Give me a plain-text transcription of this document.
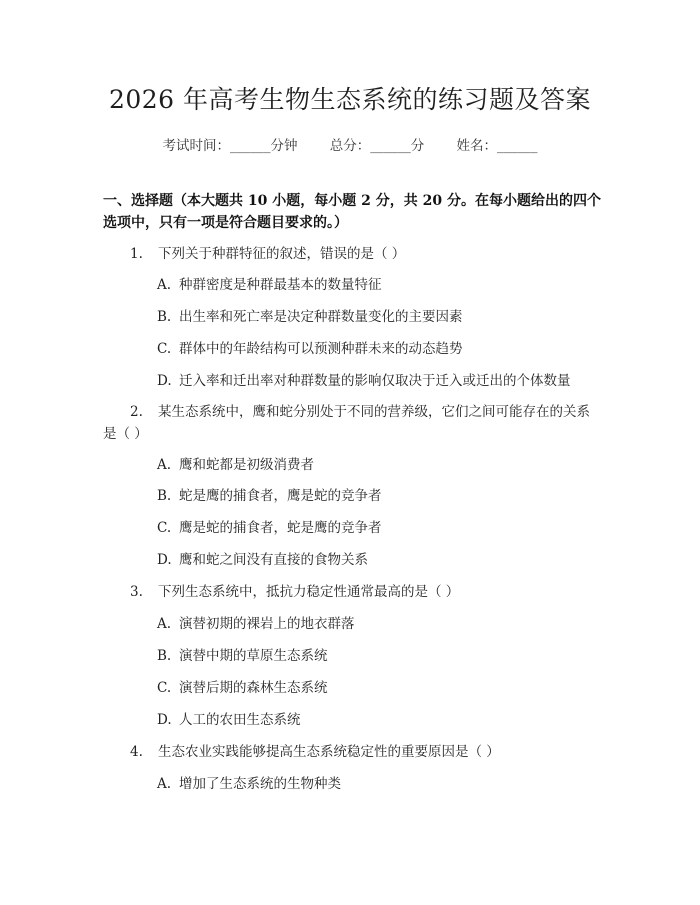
2026 年高考生物生态系统的练习题及答案
考试时间：______分钟 总分：______分 姓名：______
一、选择题（本大题共 10 小题，每小题 2 分，共 20 分。在每小题给出的四个选项中，只有一项是符合题目要求的。）
1. 下列关于种群特征的叙述，错误的是（ ）
A. 种群密度是种群最基本的数量特征
B. 出生率和死亡率是决定种群数量变化的主要因素
C. 群体中的年龄结构可以预测种群未来的动态趋势
D. 迁入率和迁出率对种群数量的影响仅取决于迁入或迁出的个体数量
2. 某生态系统中，鹰和蛇分别处于不同的营养级，它们之间可能存在的关系是（ ）
A. 鹰和蛇都是初级消费者
B. 蛇是鹰的捕食者，鹰是蛇的竞争者
C. 鹰是蛇的捕食者，蛇是鹰的竞争者
D. 鹰和蛇之间没有直接的食物关系
3. 下列生态系统中，抵抗力稳定性通常最高的是（ ）
A. 演替初期的裸岩上的地衣群落
B. 演替中期的草原生态系统
C. 演替后期的森林生态系统
D. 人工的农田生态系统
4. 生态农业实践能够提高生态系统稳定性的重要原因是（ ）
A. 增加了生态系统的生物种类
